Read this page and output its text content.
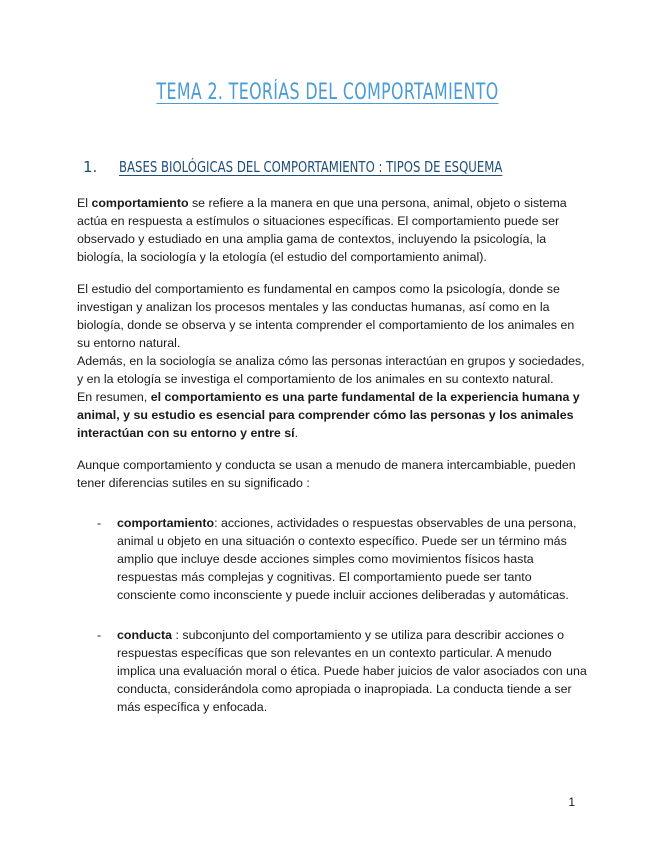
TEMA 2. TEORÍAS DEL COMPORTAMIENTO
1. BASES BIOLÓGICAS DEL COMPORTAMIENTO : TIPOS DE ESQUEMA

El comportamiento se refiere a la manera en que una persona, animal, objeto o sistema actúa en respuesta a estímulos o situaciones específicas. El comportamiento puede ser observado y estudiado en una amplia gama de contextos, incluyendo la psicología, la biología, la sociología y la etología (el estudio del comportamiento animal).

El estudio del comportamiento es fundamental en campos como la psicología, donde se investigan y analizan los procesos mentales y las conductas humanas, así como en la biología, donde se observa y se intenta comprender el comportamiento de los animales en su entorno natural.

Además, en la sociología se analiza cómo las personas interactúan en grupos y sociedades, y en la etología se investiga el comportamiento de los animales en su contexto natural.

En resumen, el comportamiento es una parte fundamental de la experiencia humana y animal, y su estudio es esencial para comprender cómo las personas y los animales interactúan con su entorno y entre sí.

Aunque comportamiento y conducta se usan a menudo de manera intercambiable, pueden tener diferencias sutiles en su significado :

- comportamiento: acciones, actividades o respuestas observables de una persona, animal u objeto en una situación o contexto específico. Puede ser un término más amplio que incluye desde acciones simples como movimientos físicos hasta respuestas más complejas y cognitivas. El comportamiento puede ser tanto consciente como inconsciente y puede incluir acciones deliberadas y automáticas.
- conducta : subconjunto del comportamiento y se utiliza para describir acciones o respuestas específicas que son relevantes en un contexto particular. A menudo implica una evaluación moral o ética. Puede haber juicios de valor asociados con una conducta, considerándola como apropiada o inapropiada. La conducta tiende a ser más específica y enfocada.
1
